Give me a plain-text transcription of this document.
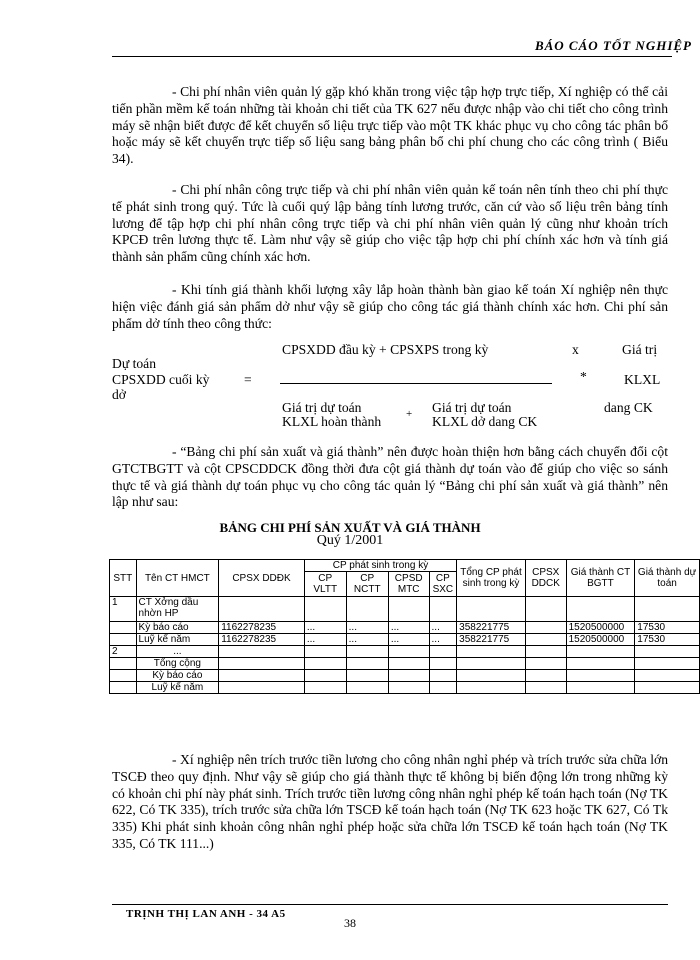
BÁO CÁO TỐT NGHIỆP
- Chi phí nhân viên quản lý gặp khó khăn trong việc tập hợp trực tiếp, Xí nghiệp có thể cải tiến phần mềm kế toán những tài khoản chi tiết của TK 627 nếu được nhập vào chi tiết cho công trình máy sẽ nhận biết được để kết chuyển số liệu trực tiếp vào một TK khác phục vụ cho công tác phân bổ hoặc máy sẽ kết chuyển trực tiếp số liệu sang bảng phân bổ chi phí chung cho các công trình ( Biểu 34).
- Chi phí nhân công trực tiếp và chi phí nhân viên quản kế toán nên tính theo chi phí thực tế phát sinh trong quý. Tức là cuối quý lập bảng tính lương trước, căn cứ vào số liệu trên bảng tính lương để tập hợp chi phí nhân công trực tiếp và chi phí nhân viên quản lý cũng như khoản trích KPCĐ trên lương thực tế. Làm như vậy sẽ giúp cho việc tập hợp chi phí chính xác hơn và tính giá thành sản phẩm cũng chính xác hơn.
- Khi tính giá thành khối lượng xây lắp hoàn thành bàn giao kế toán Xí nghiệp nên thực hiện việc đánh giá sản phẩm dở như vậy sẽ giúp cho công tác giá thành chính xác hơn. Chi phí sản phẩm dở tính theo công thức:
CPSXDD đầu kỳ + CPSXPS trong kỳ	x	Giá trị
Dự toán
CPSXDD cuối kỳ	=	*	KLXL
dở
Giá trị dự toán	Giá trị dự toán	dang CK
+
KLXL hoàn thành	KLXL dở dang CK
- “Bảng chi phí sản xuất và giá thành” nên được hoàn thiện hơn bằng cách chuyển đổi cột GTCTBGTT và cột CPSCDDCK đồng thời đưa cột giá thành dự toán vào để giúp cho việc so sánh thực tế và giá thành dự toán phục vụ cho công tác quản lý “Bảng chi phí sản xuất và giá thành” nên lập như sau:
BẢNG CHI PHÍ SẢN XUẤT VÀ GIÁ THÀNH
Quý 1/2001
STT	Tên CT HMCT	CPSX DDĐK	CP phát sinh trong kỳ				Tổng CP phát sinh trong kỳ	CPSX DDCK	Giá thành CT BGTT	Giá thành dự toán
			CP VLTT	CP NCTT	CPSD MTC	CP SXC				
1	CT Xởng dầu nhờn HP									
	Kỳ báo cáo	1162278235	...	...	...	...	358221775		1520500000	17530
	Luỹ kế năm	1162278235	...	...	...	...	358221775		1520500000	17530
2	...									
	Tổng cộng									
	Kỳ báo cáo									
	Luỹ kế năm									
- Xí nghiệp nên trích trước tiền lương cho công nhân nghỉ phép và trích trước sửa chữa lớn TSCĐ theo quy định. Như vậy sẽ giúp cho giá thành thực tế không bị biến động lớn trong những kỳ có khoản chi phí này phát sinh. Trích trước tiền lương công nhân nghỉ phép kế toán hạch toán (Nợ TK 622, Có TK 335), trích trước sửa chữa lớn TSCĐ kế toán hạch toán (Nợ TK 623 hoặc TK 627, Có Tk 335) Khi phát sinh khoản công nhân nghỉ phép hoặc sửa chữa lớn TSCĐ kế toán hạch toán (Nợ TK 335, Có TK 111...)
TRỊNH THỊ LAN ANH - 34 A5
38
